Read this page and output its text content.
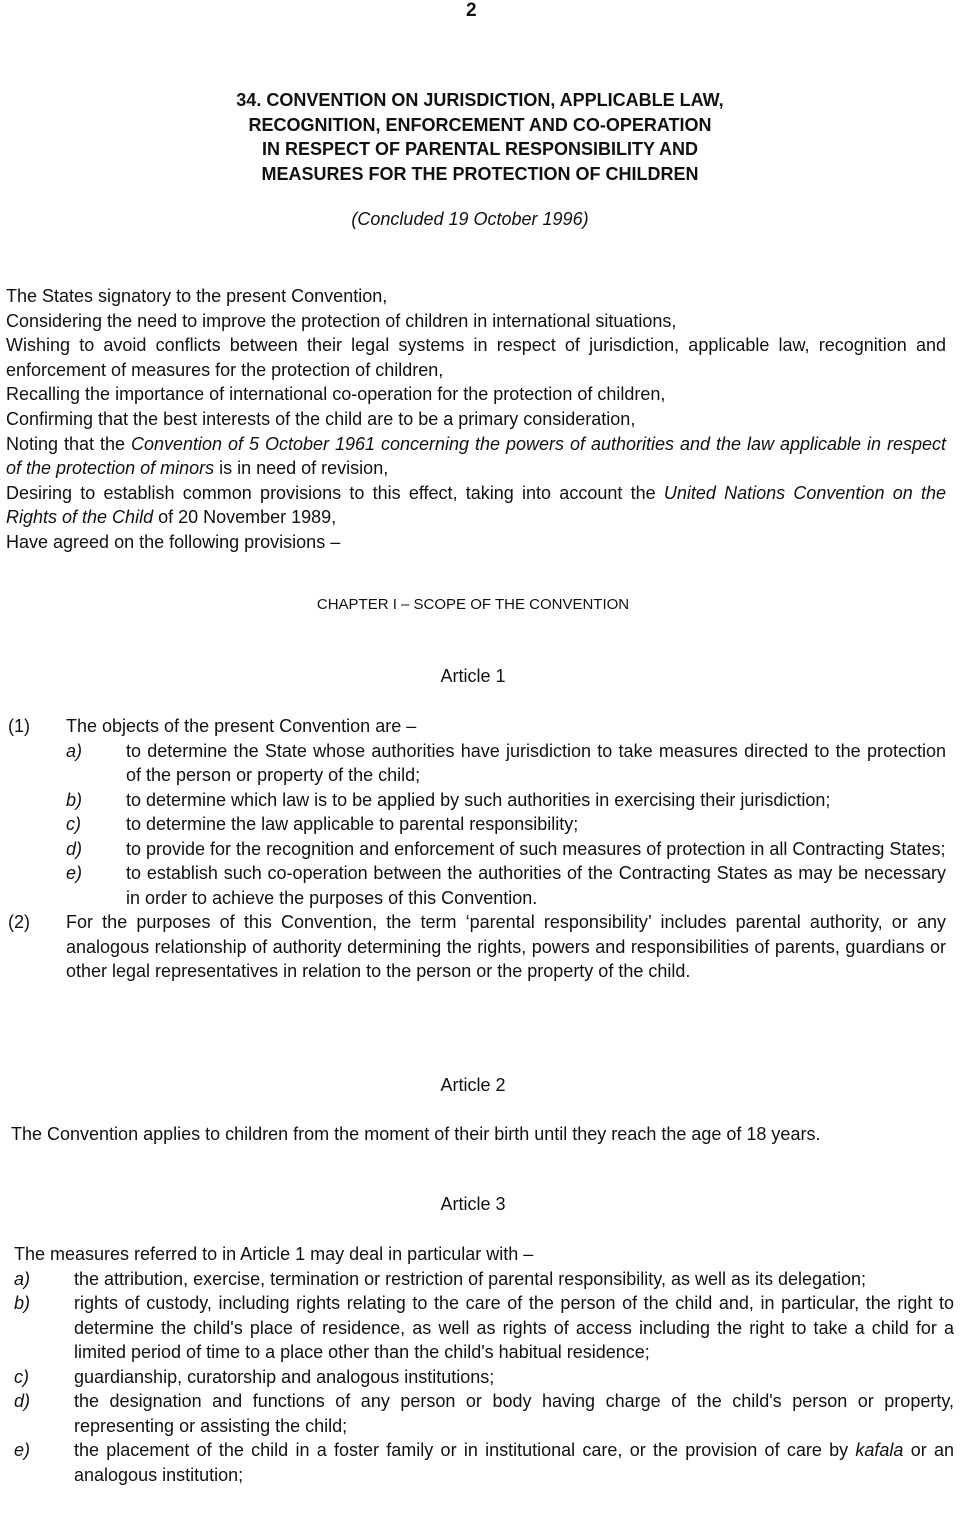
2
34. CONVENTION ON JURISDICTION, APPLICABLE LAW,
RECOGNITION, ENFORCEMENT AND CO-OPERATION
IN RESPECT OF PARENTAL RESPONSIBILITY AND
MEASURES FOR THE PROTECTION OF CHILDREN
(Concluded 19 October 1996)
The States signatory to the present Convention,
Considering the need to improve the protection of children in international situations,
Wishing to avoid conflicts between their legal systems in respect of jurisdiction, applicable law, recognition and enforcement of measures for the protection of children,
Recalling the importance of international co-operation for the protection of children,
Confirming that the best interests of the child are to be a primary consideration,
Noting that the Convention of 5 October 1961 concerning the powers of authorities and the law applicable in respect of the protection of minors is in need of revision,
Desiring to establish common provisions to this effect, taking into account the United Nations Convention on the Rights of the Child of 20 November 1989,
Have agreed on the following provisions –
CHAPTER I – SCOPE OF THE CONVENTION
Article 1
(1) The objects of the present Convention are –
a) to determine the State whose authorities have jurisdiction to take measures directed to the protection of the person or property of the child;
b) to determine which law is to be applied by such authorities in exercising their jurisdiction;
c)	to determine the law applicable to parental responsibility;
d) to provide for the recognition and enforcement of such measures of protection in all Contracting States;
e) to establish such co-operation between the authorities of the Contracting States as may be necessary in order to achieve the purposes of this Convention.
(2) For the purposes of this Convention, the term ‘parental responsibility’ includes parental authority, or any analogous relationship of authority determining the rights, powers and responsibilities of parents, guardians or other legal representatives in relation to the person or the property of the child.
Article 2
The Convention applies to children from the moment of their birth until they reach the age of 18 years.
Article 3
The measures referred to in Article 1 may deal in particular with –
a) the attribution, exercise, termination or restriction of parental responsibility, as well as its delegation;
b) rights of custody, including rights relating to the care of the person of the child and, in particular, the right to determine the child's place of residence, as well as rights of access including the right to take a child for a limited period of time to a place other than the child's habitual residence;
c)	guardianship, curatorship and analogous institutions;
d) the designation and functions of any person or body having charge of the child's person or property, representing or assisting the child;
e) the placement of the child in a foster family or in institutional care, or the provision of care by kafala or an analogous institution;
